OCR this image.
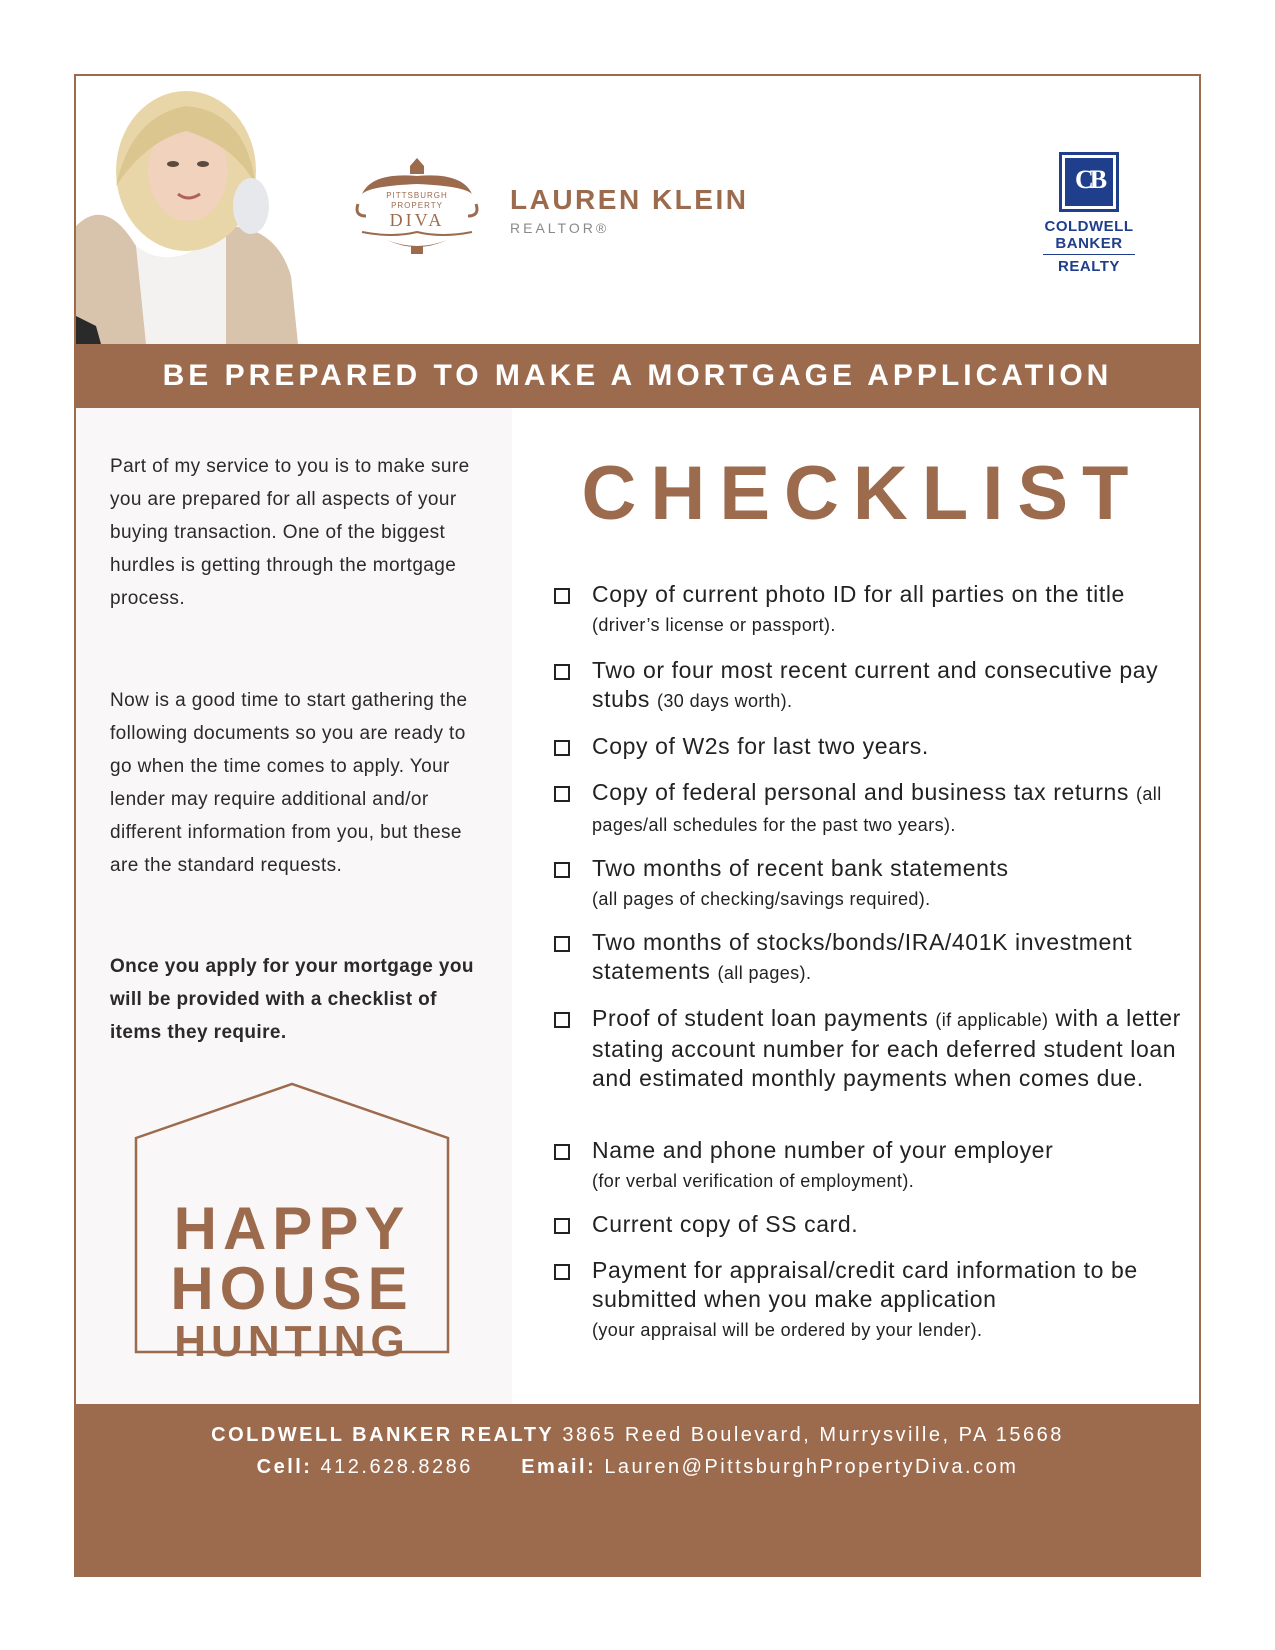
PITTSBURGH
PROPERTY
DIVA
LAUREN KLEIN
REALTOR®
CB
COLDWELL
BANKER
REALTY
BE PREPARED TO MAKE A MORTGAGE APPLICATION
Part of my service to you is to make sure you are prepared for all aspects of your buying transaction. One of the biggest hurdles is getting through the mortgage process.
Now is a good time to start gathering the following documents so you are ready to go when the time comes to apply. Your lender may require additional and/or different information from you, but these are the standard requests.
Once you apply for your mortgage you will be provided with a checklist of items they require.
HAPPY
HOUSE
HUNTING
CHECKLIST
Copy of current photo ID for all parties on the title (driver’s license or passport).
Two or four most recent current and consecutive pay stubs (30 days worth).
Copy of W2s for last two years.
Copy of federal personal and business tax returns (all pages/all schedules for the past two years).
Two months of recent bank statements
(all pages of checking/savings required).
Two months of stocks/bonds/IRA/401K investment statements (all pages).
Proof of student loan payments (if applicable) with a letter stating account number for each deferred student loan and estimated monthly payments when comes due.
Name and phone number of your employer
(for verbal verification of employment).
Current copy of SS card.
Payment for appraisal/credit card information to be submitted when you make application
(your appraisal will be ordered by your lender).
COLDWELL BANKER REALTY 3865 Reed Boulevard, Murrysville, PA 15668
Cell: 412.628.8286 Email: Lauren@PittsburghPropertyDiva.com
